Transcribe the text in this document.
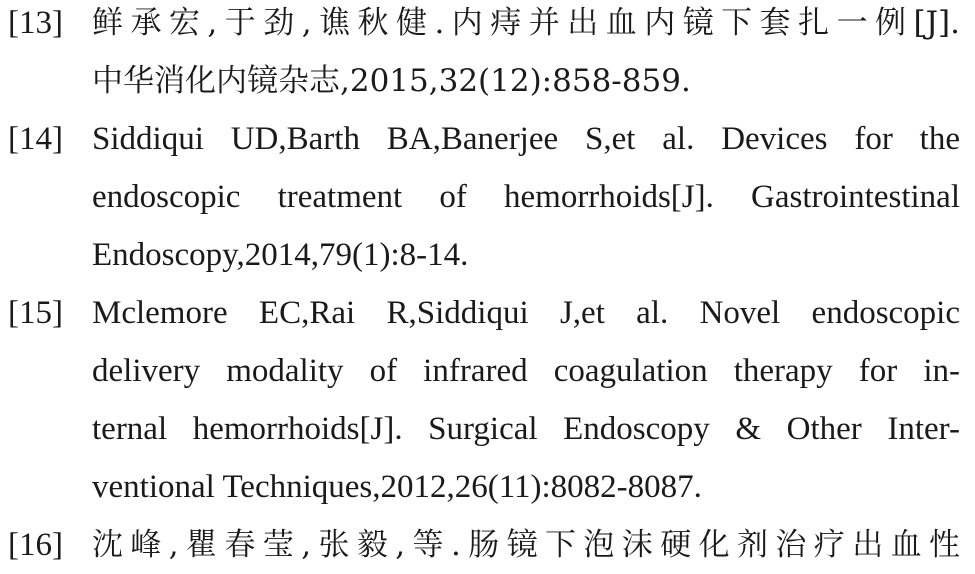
[13] 鲜承宏,于劲,谯秋健.内痔并出血内镜下套扎一例[J].
中华消化内镜杂志,2015,32(12):858-859.
[14] Siddiqui UD,Barth BA,Banerjee S,et al. Devices for the
endoscopic treatment of hemorrhoids[J]. Gastrointestinal
Endoscopy,2014,79(1):8-14.
[15] Mclemore EC,Rai R,Siddiqui J,et al. Novel endoscopic
delivery modality of infrared coagulation therapy for in-
ternal hemorrhoids[J]. Surgical Endoscopy & Other Inter-
ventional Techniques,2012,26(11):8082-8087.
[16] 沈峰,瞿春莹,张毅,等.肠镜下泡沫硬化剂治疗出血性
